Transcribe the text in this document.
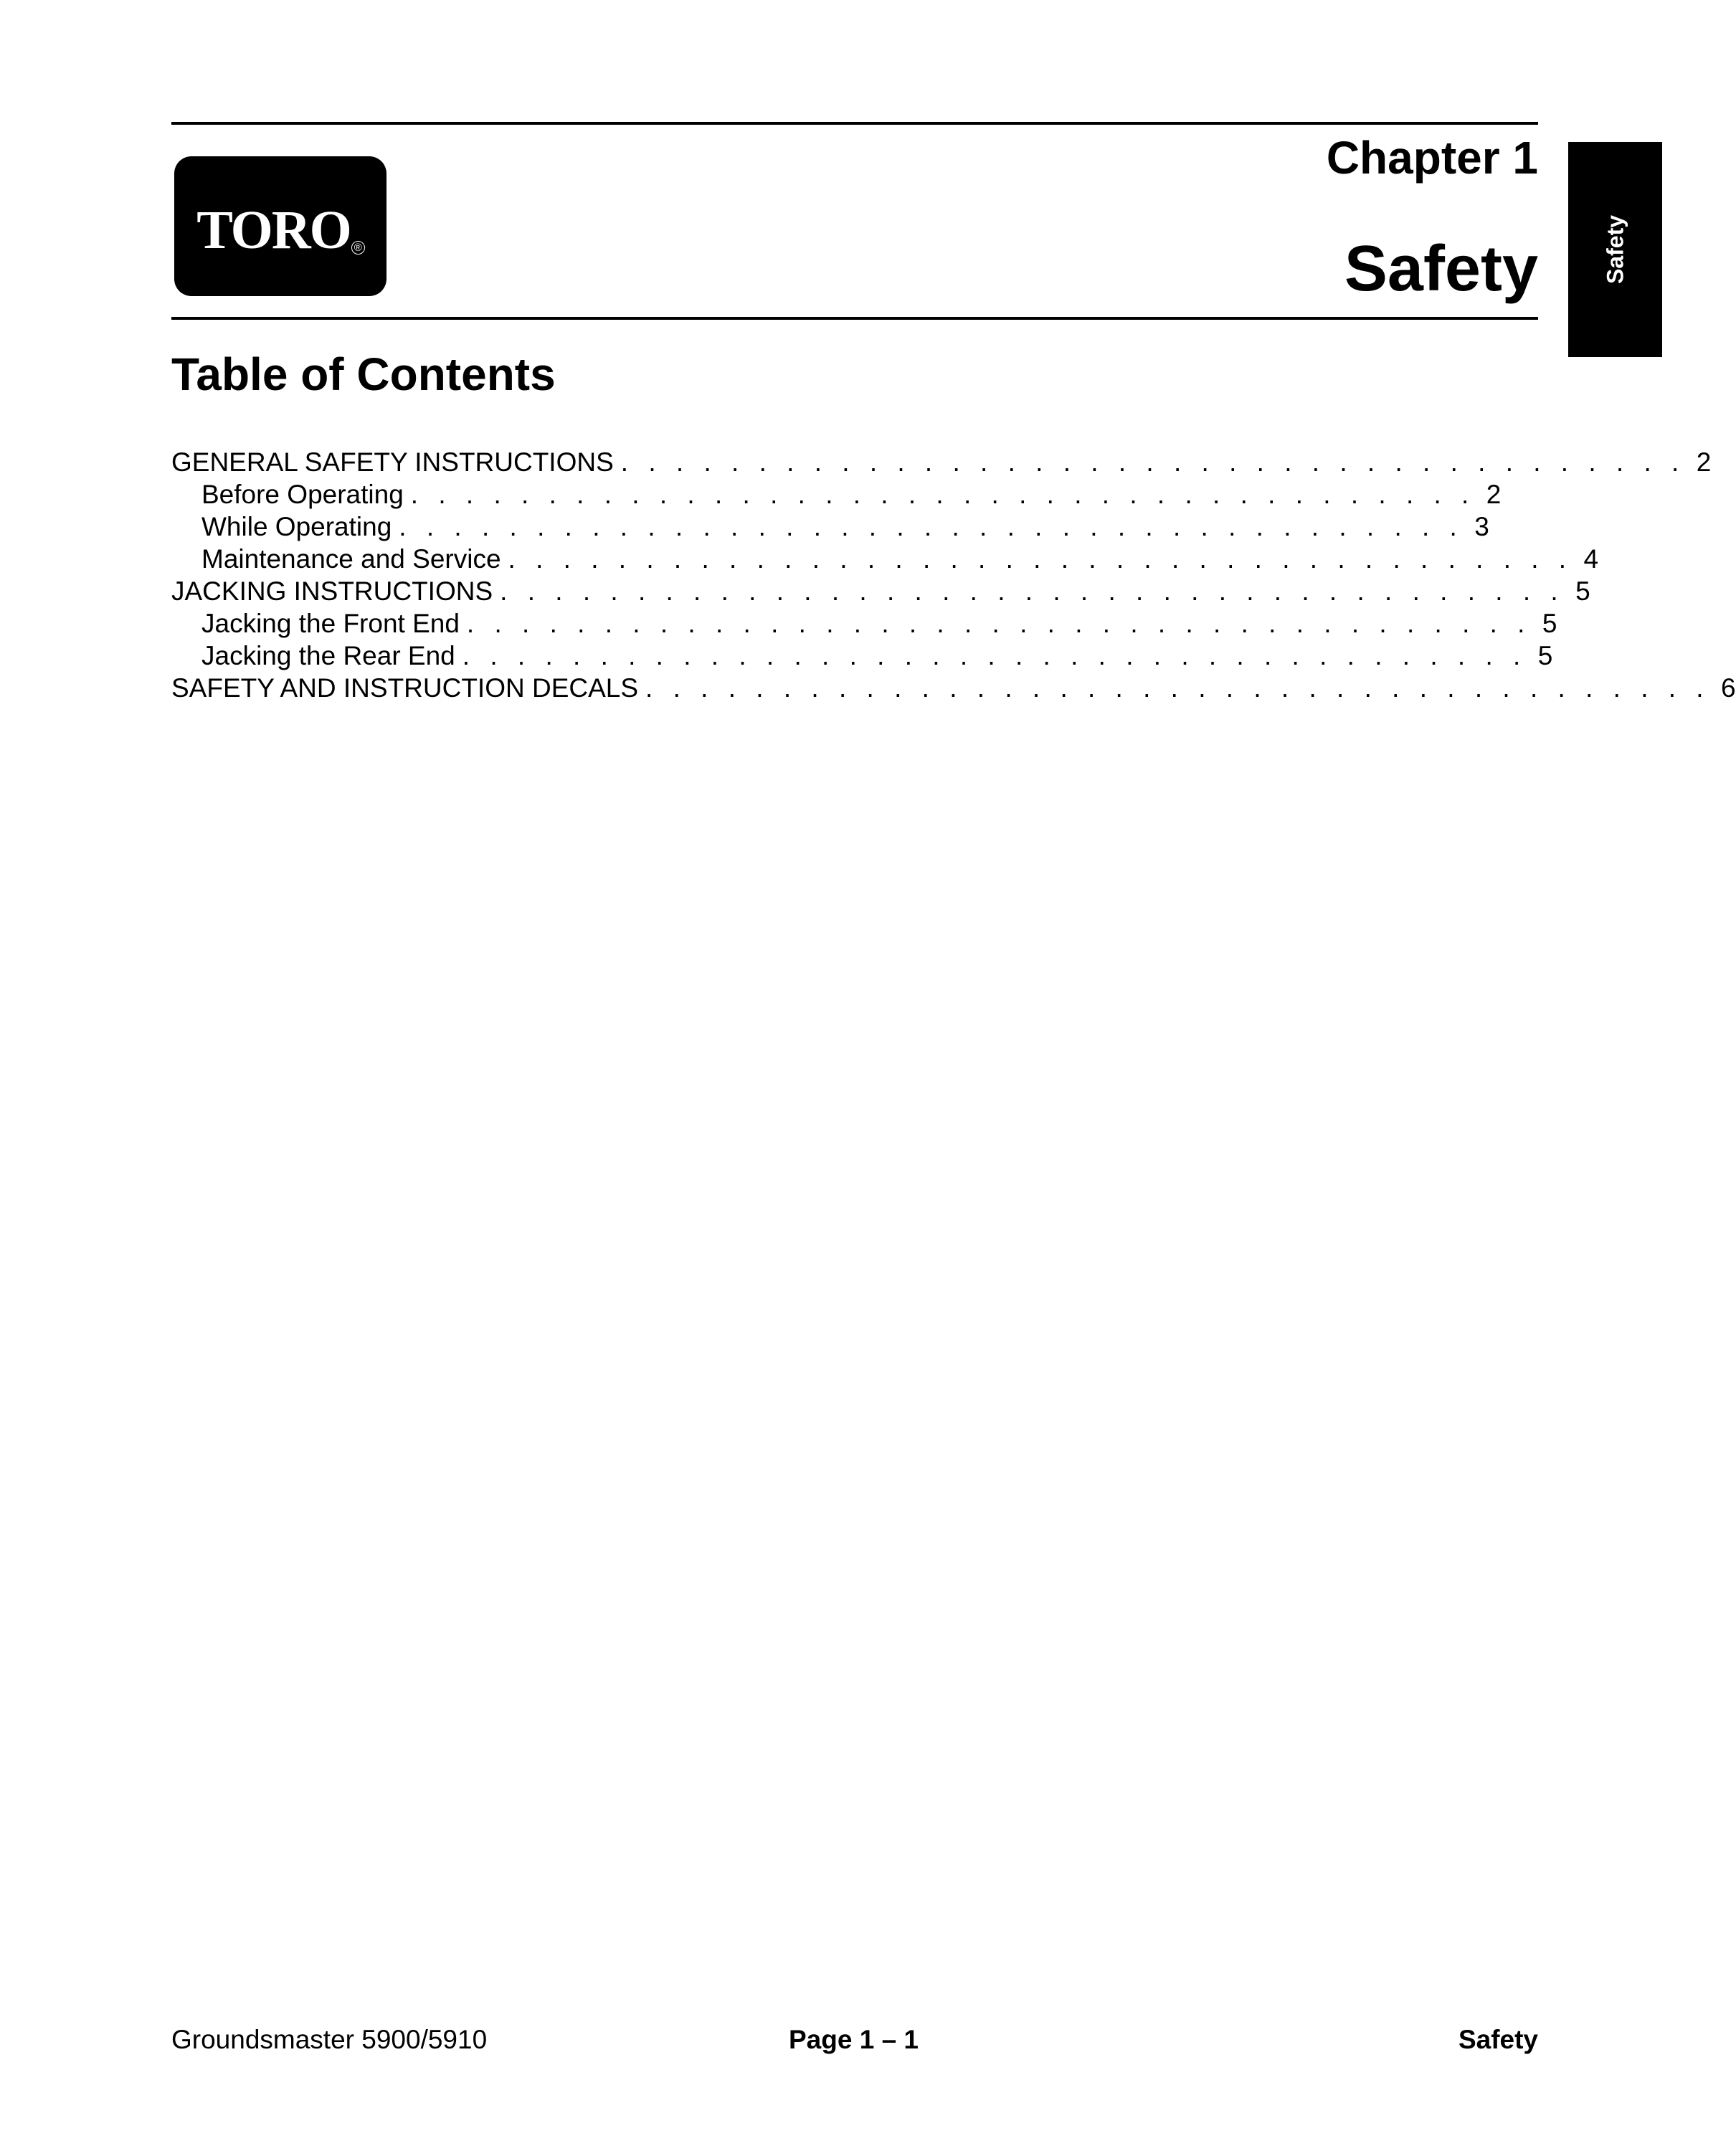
TORO ®
Chapter 1
Safety	Safety
Table of Contents
GENERAL SAFETY INSTRUCTIONS . . . . . . . . . . . . . . . . . . . . . . . . . . . . . . . . . . . . . . . 2
Before Operating . . . . . . . . . . . . . . . . . . . . . . . . . . . . . . . . . . . . . . . 2
While Operating . . . . . . . . . . . . . . . . . . . . . . . . . . . . . . . . . . . . . . . 3
Maintenance and Service . . . . . . . . . . . . . . . . . . . . . . . . . . . . . . . . . . . . . . . 4
JACKING INSTRUCTIONS . . . . . . . . . . . . . . . . . . . . . . . . . . . . . . . . . . . . . . . 5
Jacking the Front End . . . . . . . . . . . . . . . . . . . . . . . . . . . . . . . . . . . . . . . 5
Jacking the Rear End . . . . . . . . . . . . . . . . . . . . . . . . . . . . . . . . . . . . . . . 5
SAFETY AND INSTRUCTION DECALS . . . . . . . . . . . . . . . . . . . . . . . . . . . . . . . . . . . . . . . 6
Groundsmaster 5900/5910	Page 1 – 1	Safety
